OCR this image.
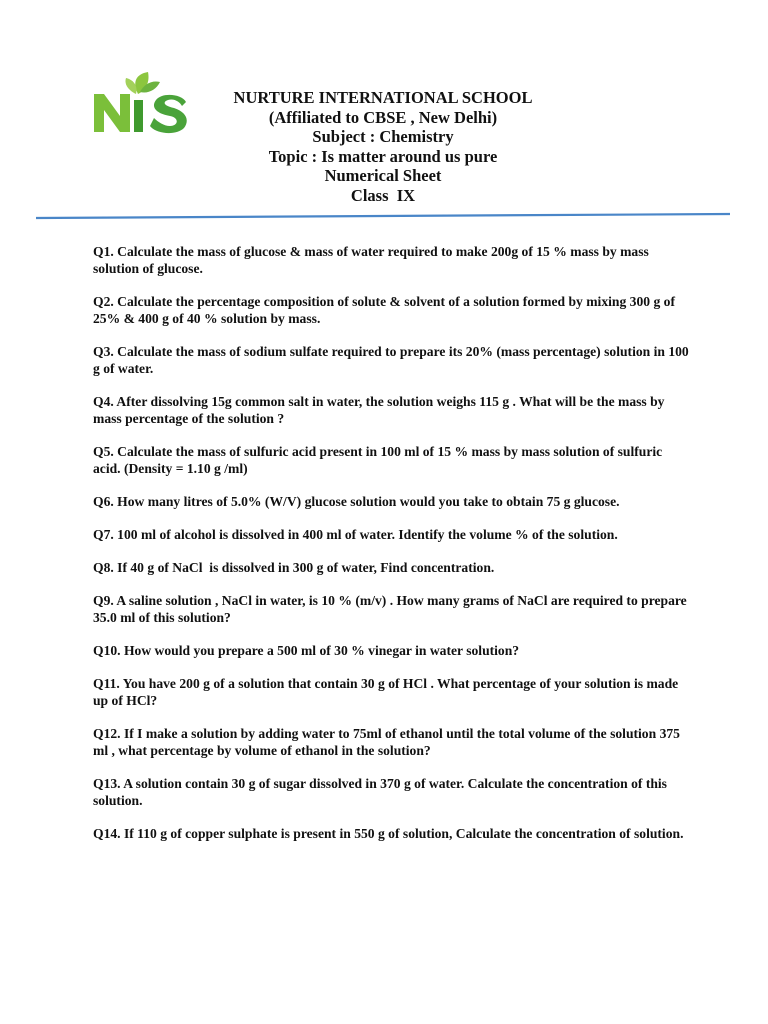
NURTURE INTERNATIONAL SCHOOL
(Affiliated to CBSE , New Delhi)
Subject : Chemistry
Topic : Is matter around us pure
Numerical Sheet
Class  IX
Q1. Calculate the mass of glucose & mass of water required to make 200g of 15 % mass by mass solution of glucose.
Q2. Calculate the percentage composition of solute & solvent of a solution formed by mixing 300 g of 25% & 400 g of 40 % solution by mass.
Q3. Calculate the mass of sodium sulfate required to prepare its 20% (mass percentage) solution in 100 g of water.
Q4. After dissolving 15g common salt in water, the solution weighs 115 g . What will be the mass by mass percentage of the solution ?
Q5. Calculate the mass of sulfuric acid present in 100 ml of 15 % mass by mass solution of sulfuric acid. (Density = 1.10 g /ml)
Q6. How many litres of 5.0% (W/V) glucose solution would you take to obtain 75 g glucose.
Q7. 100 ml of alcohol is dissolved in 400 ml of water. Identify the volume % of the solution.
Q8. If 40 g of NaCl  is dissolved in 300 g of water, Find concentration.
Q9. A saline solution , NaCl in water, is 10 % (m/v) . How many grams of NaCl are required to prepare 35.0 ml of this solution?
Q10. How would you prepare a 500 ml of 30 % vinegar in water solution?
Q11. You have 200 g of a solution that contain 30 g of HCl . What percentage of your solution is made up of HCl?
Q12. If I make a solution by adding water to 75ml of ethanol until the total volume of the solution 375 ml , what percentage by volume of ethanol in the solution?
Q13. A solution contain 30 g of sugar dissolved in 370 g of water. Calculate the concentration of this solution.
Q14. If 110 g of copper sulphate is present in 550 g of solution, Calculate the concentration of solution.
